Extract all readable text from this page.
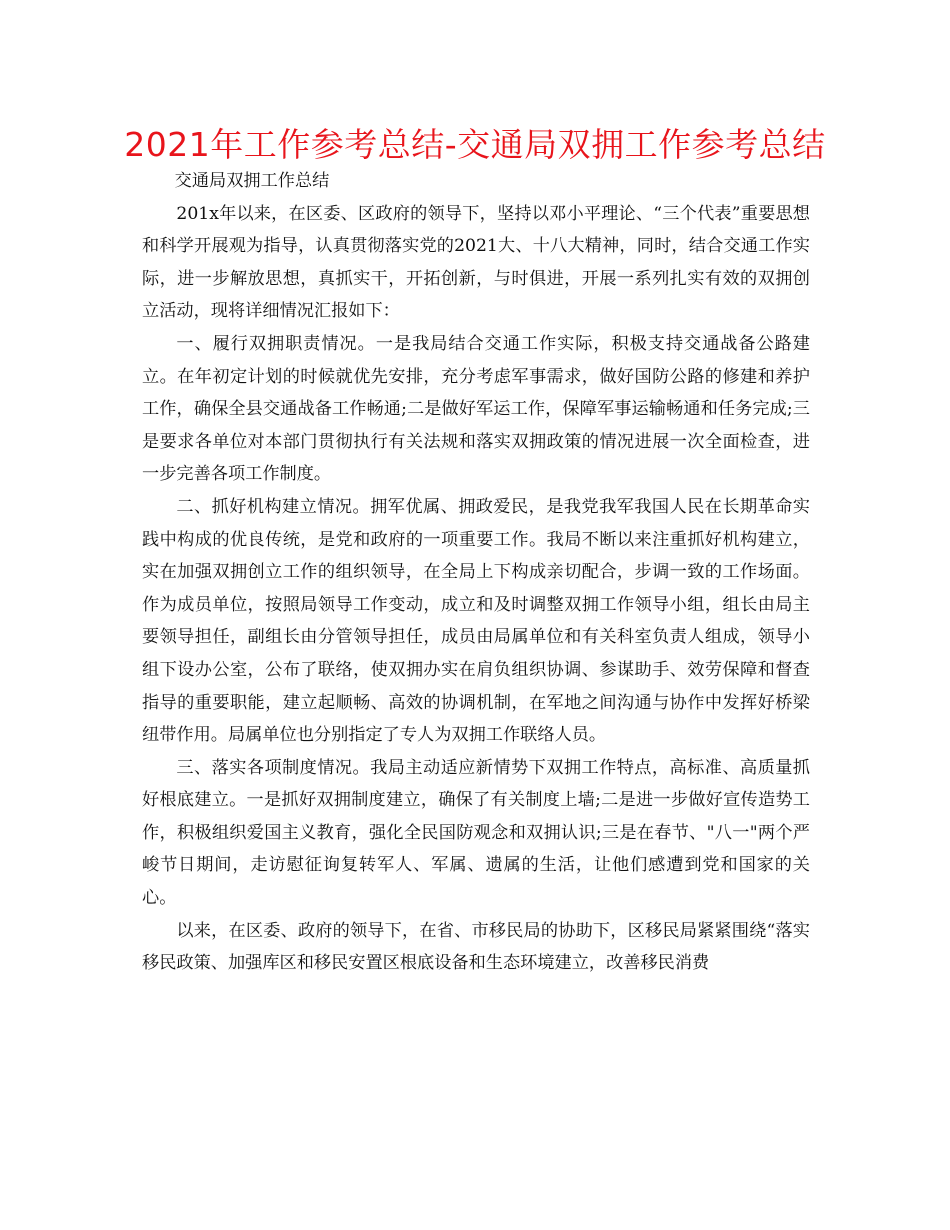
2021年工作参考总结-交通局双拥工作参考总结

交通局双拥工作总结

201x年以来，在区委、区政府的领导下，坚持以邓小平理论、“三个代表”重要思想和科学开展观为指导，认真贯彻落实党的2021大、十八大精神，同时，结合交通工作实际，进一步解放思想，真抓实干，开拓创新，与时俱进，开展一系列扎实有效的双拥创立活动，现将详细情况汇报如下：

一、履行双拥职责情况。一是我局结合交通工作实际，积极支持交通战备公路建立。在年初定计划的时候就优先安排，充分考虑军事需求，做好国防公路的修建和养护工作，确保全县交通战备工作畅通;二是做好军运工作，保障军事运输畅通和任务完成;三是要求各单位对本部门贯彻执行有关法规和落实双拥政策的情况进展一次全面检查，进一步完善各项工作制度。

二、抓好机构建立情况。拥军优属、拥政爱民，是我党我军我国人民在长期革命实践中构成的优良传统，是党和政府的一项重要工作。我局不断以来注重抓好机构建立，实在加强双拥创立工作的组织领导，在全局上下构成亲切配合，步调一致的工作场面。作为成员单位，按照局领导工作变动，成立和及时调整双拥工作领导小组，组长由局主要领导担任，副组长由分管领导担任，成员由局属单位和有关科室负责人组成，领导小组下设办公室，公布了联络，使双拥办实在肩负组织协调、参谋助手、效劳保障和督查指导的重要职能，建立起顺畅、高效的协调机制，在军地之间沟通与协作中发挥好桥梁纽带作用。局属单位也分别指定了专人为双拥工作联络人员。

三、落实各项制度情况。我局主动适应新情势下双拥工作特点，高标准、高质量抓好根底建立。一是抓好双拥制度建立，确保了有关制度上墙;二是进一步做好宣传造势工作，积极组织爱国主义教育，强化全民国防观念和双拥认识;三是在春节、"八一"两个严峻节日期间，走访慰征询复转军人、军属、遗属的生活，让他们感遭到党和国家的关心。

以来，在区委、政府的领导下，在省、市移民局的协助下，区移民局紧紧围绕“落实移民政策、加强库区和移民安置区根底设备和生态环境建立，改善移民消费
